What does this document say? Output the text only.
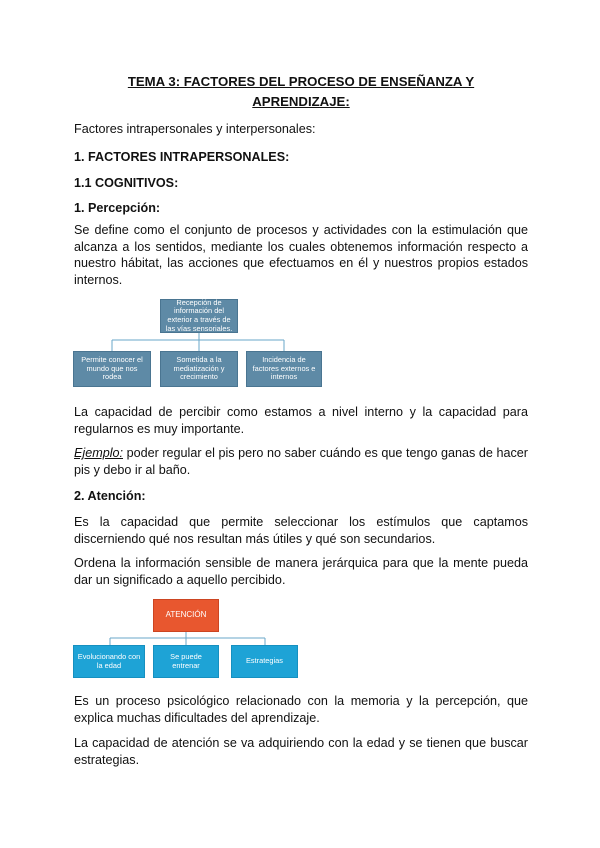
TEMA 3: FACTORES DEL PROCESO DE ENSEÑANZA Y
APRENDIZAJE:
Factores intrapersonales y interpersonales:
1. FACTORES INTRAPERSONALES:
1.1 COGNITIVOS:
1. Percepción:
Se define como el conjunto de procesos y actividades con la estimulación que alcanza a los sentidos, mediante los cuales obtenemos información respecto a nuestro hábitat, las acciones que efectuamos en él y nuestros propios estados internos.
Recepción de información del exterior a través de las vías sensoriales.
Permite conocer el mundo que nos rodea
Sometida a la mediatización y crecimiento
Incidencia de factores externos e internos
La capacidad de percibir como estamos a nivel interno y la capacidad para regularnos es muy importante.
Ejemplo: poder regular el pis pero no saber cuándo es que tengo ganas de hacer pis y debo ir al baño.
2. Atención:
Es la capacidad que permite seleccionar los estímulos que captamos discerniendo qué nos resultan más útiles y qué son secundarios.
Ordena la información sensible de manera jerárquica para que la mente pueda dar un significado a aquello percibido.
ATENCIÓN
Evolucionando con la edad
Se puede entrenar	Estrategias
Es un proceso psicológico relacionado con la memoria y la percepción, que explica muchas dificultades del aprendizaje.
La capacidad de atención se va adquiriendo con la edad y se tienen que buscar estrategias.
